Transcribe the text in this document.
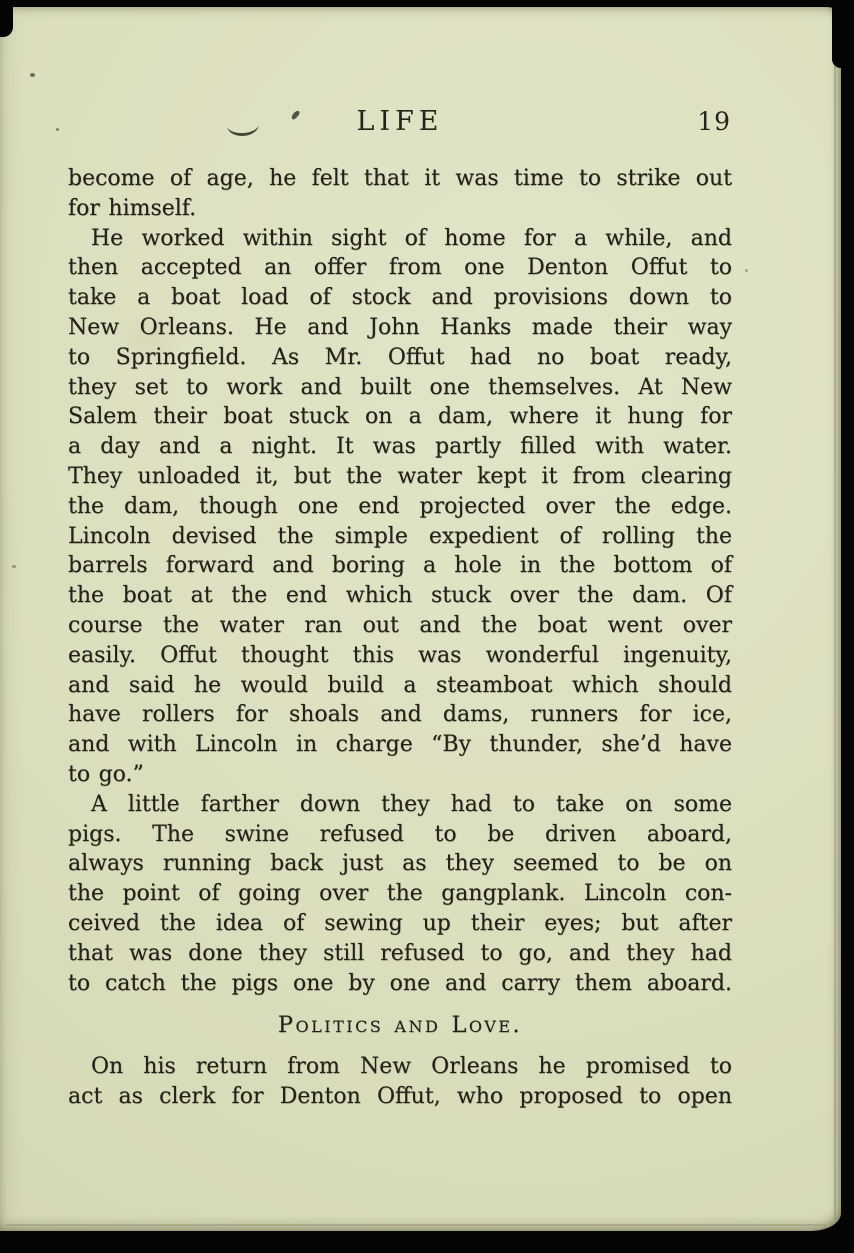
LIFE	19

become of age, he felt that it was time to strike out
for himself.

He worked within sight of home for a while, and
then accepted an offer from one Denton Offut to
take a boat load of stock and provisions down to
New Orleans. He and John Hanks made their way
to Springfield. As Mr. Offut had no boat ready,
they set to work and built one themselves. At New
Salem their boat stuck on a dam, where it hung for
a day and a night. It was partly filled with water.
They unloaded it, but the water kept it from clearing
the dam, though one end projected over the edge.
Lincoln devised the simple expedient of rolling the
barrels forward and boring a hole in the bottom of
the boat at the end which stuck over the dam. Of
course the water ran out and the boat went over
easily. Offut thought this was wonderful ingenuity,
and said he would build a steamboat which should
have rollers for shoals and dams, runners for ice,
and with Lincoln in charge “By thunder, she’d have
to go.”

A little farther down they had to take on some
pigs. The swine refused to be driven aboard,
always running back just as they seemed to be on
the point of going over the gangplank. Lincoln con-
ceived the idea of sewing up their eyes; but after
that was done they still refused to go, and they had
to catch the pigs one by one and carry them aboard.

Politics and Love.

On his return from New Orleans he promised to
act as clerk for Denton Offut, who proposed to open
